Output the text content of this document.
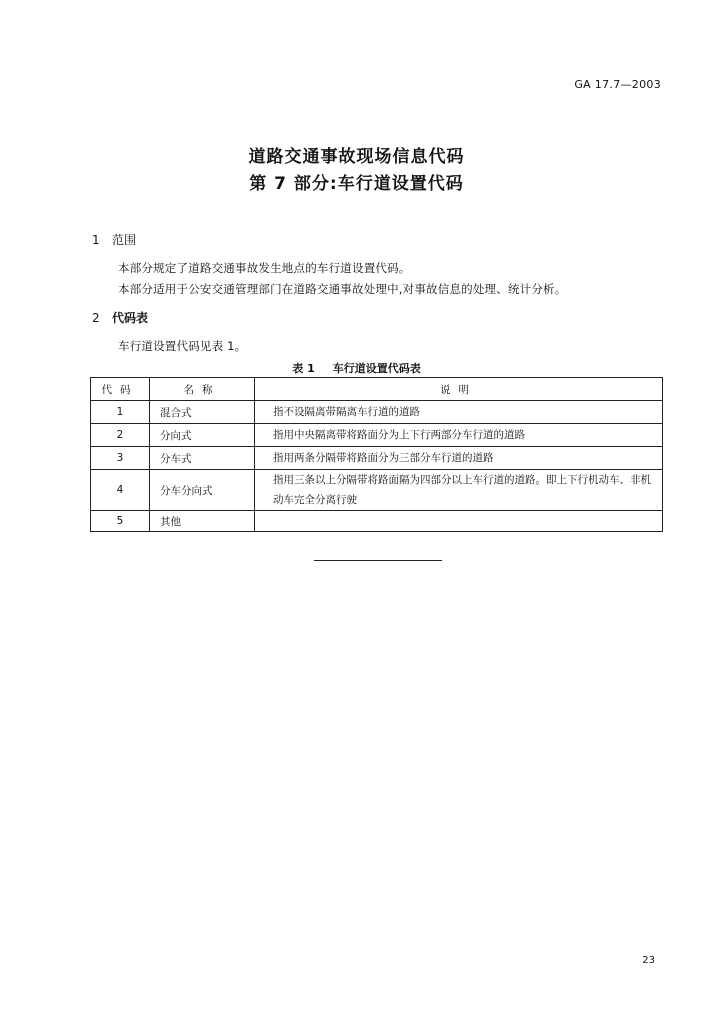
GA 17.7—2003
道路交通事故现场信息代码
第 7 部分:车行道设置代码
1 范围
本部分规定了道路交通事故发生地点的车行道设置代码。
本部分适用于公安交通管理部门在道路交通事故处理中,对事故信息的处理、统计分析。
2 代码表
车行道设置代码见表 1。
表 1 车行道设置代码表
代码	名称	说明
1	混合式	指不设隔离带隔离车行道的道路
2	分向式	指用中央隔离带将路面分为上下行两部分车行道的道路
3	分车式	指用两条分隔带将路面分为三部分车行道的道路
4	分车分向式	指用三条以上分隔带将路面隔为四部分以上车行道的道路。即上下行机动车、非机动车完全分离行驶
5	其他	
23
